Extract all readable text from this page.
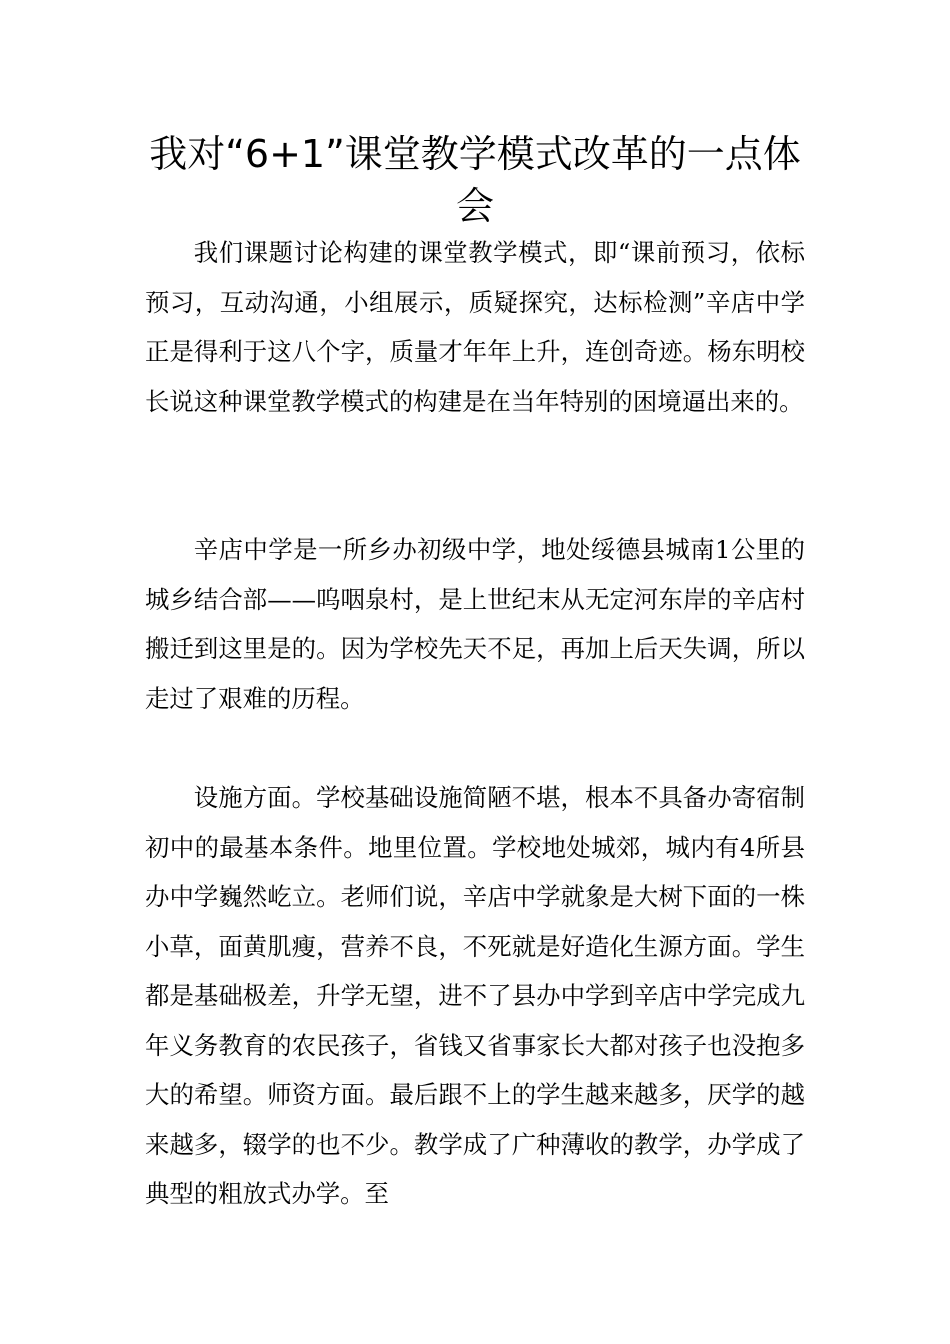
我对“6+1”课堂教学模式改革的一点体会

我们课题讨论构建的课堂教学模式，即“课前预习，依标预习，互动沟通，小组展示，质疑探究，达标检测”辛店中学正是得利于这八个字，质量才年年上升，连创奇迹。杨东明校长说这种课堂教学模式的构建是在当年特别的困境逼出来的。

辛店中学是一所乡办初级中学，地处绥德县城南1公里的城乡结合部——呜咽泉村，是上世纪末从无定河东岸的辛店村搬迁到这里是的。因为学校先天不足，再加上后天失调，所以走过了艰难的历程。

设施方面。学校基础设施简陋不堪，根本不具备办寄宿制初中的最基本条件。地里位置。学校地处城郊，城内有4所县办中学巍然屹立。老师们说，辛店中学就象是大树下面的一株小草，面黄肌瘦，营养不良，不死就是好造化生源方面。学生都是基础极差，升学无望，进不了县办中学到辛店中学完成九年义务教育的农民孩子，省钱又省事家长大都对孩子也没抱多大的希望。师资方面。最后跟不上的学生越来越多，厌学的越来越多，辍学的也不少。教学成了广种薄收的教学，办学成了典型的粗放式办学。至
